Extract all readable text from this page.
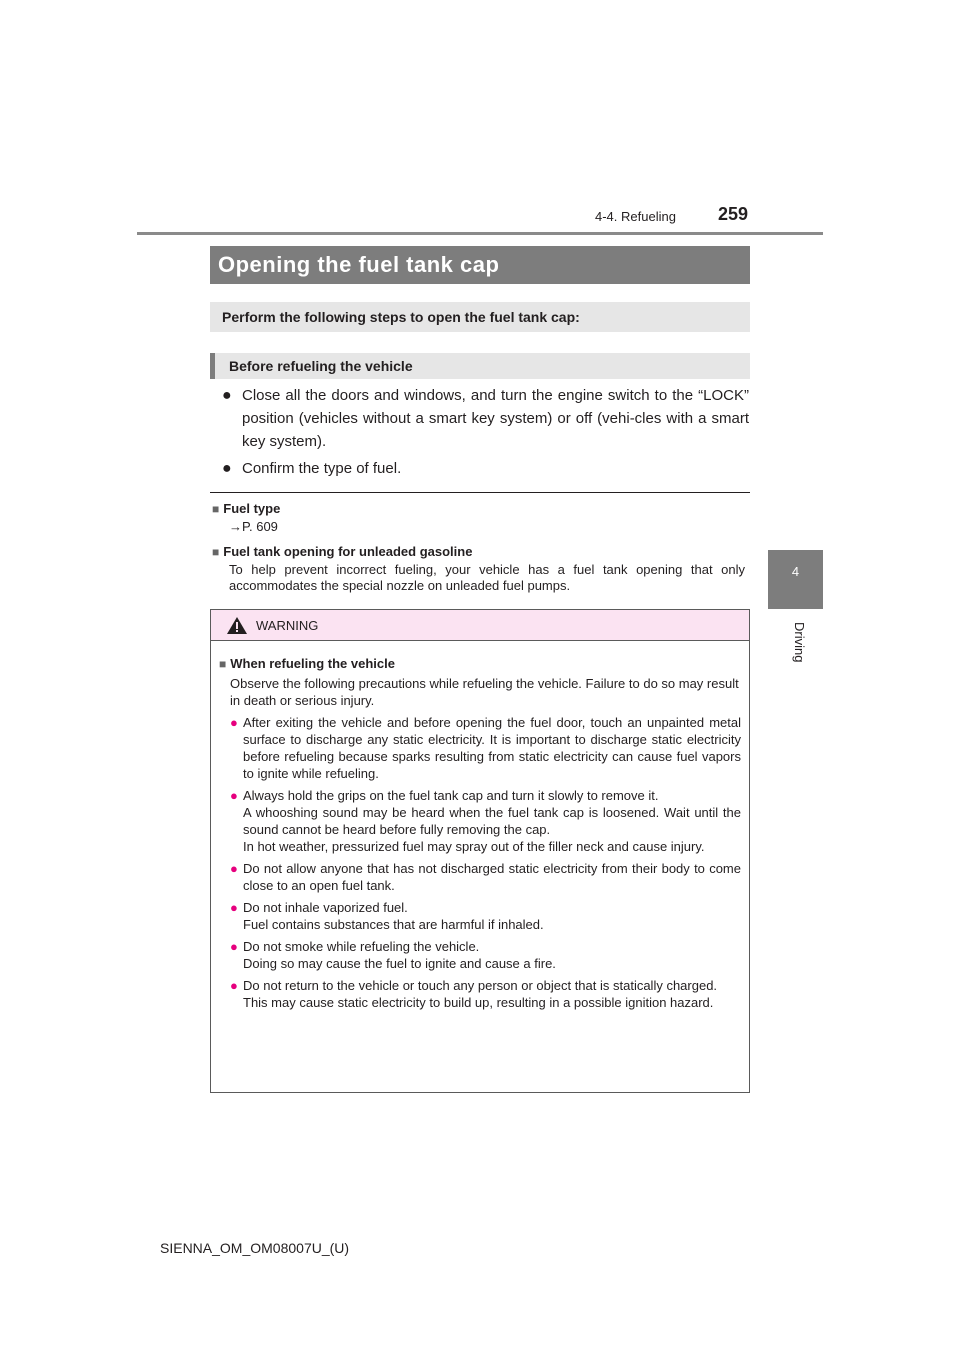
4-4. Refueling 259
4
Driving
Opening the fuel tank cap
Perform the following steps to open the fuel tank cap:
Before refueling the vehicle
● Close all the doors and windows, and turn the engine switch to the “LOCK” position (vehicles without a smart key system) or off (vehi-cles with a smart key system).
● Confirm the type of fuel.
■ Fuel type
→P. 609
■ Fuel tank opening for unleaded gasoline
To help prevent incorrect fueling, your vehicle has a fuel tank opening that only accommodates the special nozzle on unleaded fuel pumps.
WARNING
■ When refueling the vehicle
Observe the following precautions while refueling the vehicle. Failure to do so may result in death or serious injury.
● After exiting the vehicle and before opening the fuel door, touch an unpainted metal surface to discharge any static electricity. It is important to discharge static electricity before refueling because sparks resulting from static electricity can cause fuel vapors to ignite while refueling.
● Always hold the grips on the fuel tank cap and turn it slowly to remove it.
A whooshing sound may be heard when the fuel tank cap is loosened. Wait until the sound cannot be heard before fully removing the cap.
In hot weather, pressurized fuel may spray out of the filler neck and cause injury.
● Do not allow anyone that has not discharged static electricity from their body to come close to an open fuel tank.
● Do not inhale vaporized fuel.
Fuel contains substances that are harmful if inhaled.
● Do not smoke while refueling the vehicle.
Doing so may cause the fuel to ignite and cause a fire.
● Do not return to the vehicle or touch any person or object that is statically charged.
This may cause static electricity to build up, resulting in a possible ignition hazard.
SIENNA_OM_OM08007U_(U)
